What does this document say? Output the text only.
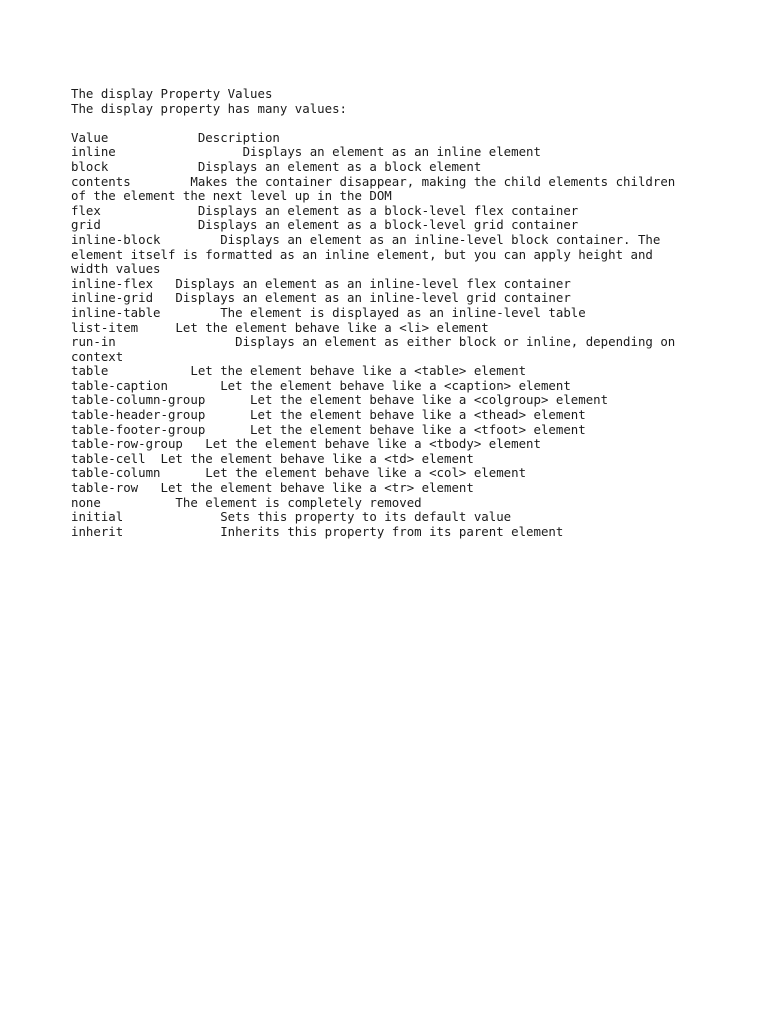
The display Property Values

The display property has many values:

Value            Description

inline                 Displays an element as an inline element

block            Displays an element as a block element

contents        Makes the container disappear, making the child elements children

of the element the next level up in the DOM

flex             Displays an element as a block-level flex container

grid             Displays an element as a block-level grid container

inline-block        Displays an element as an inline-level block container. The

element itself is formatted as an inline element, but you can apply height and

width values

inline-flex   Displays an element as an inline-level flex container

inline-grid   Displays an element as an inline-level grid container

inline-table        The element is displayed as an inline-level table

list-item     Let the element behave like a <li> element

run-in                Displays an element as either block or inline, depending on

context

table           Let the element behave like a <table> element

table-caption       Let the element behave like a <caption> element

table-column-group      Let the element behave like a <colgroup> element

table-header-group      Let the element behave like a <thead> element

table-footer-group      Let the element behave like a <tfoot> element

table-row-group   Let the element behave like a <tbody> element

table-cell  Let the element behave like a <td> element

table-column      Let the element behave like a <col> element

table-row   Let the element behave like a <tr> element

none          The element is completely removed

initial             Sets this property to its default value

inherit             Inherits this property from its parent element
